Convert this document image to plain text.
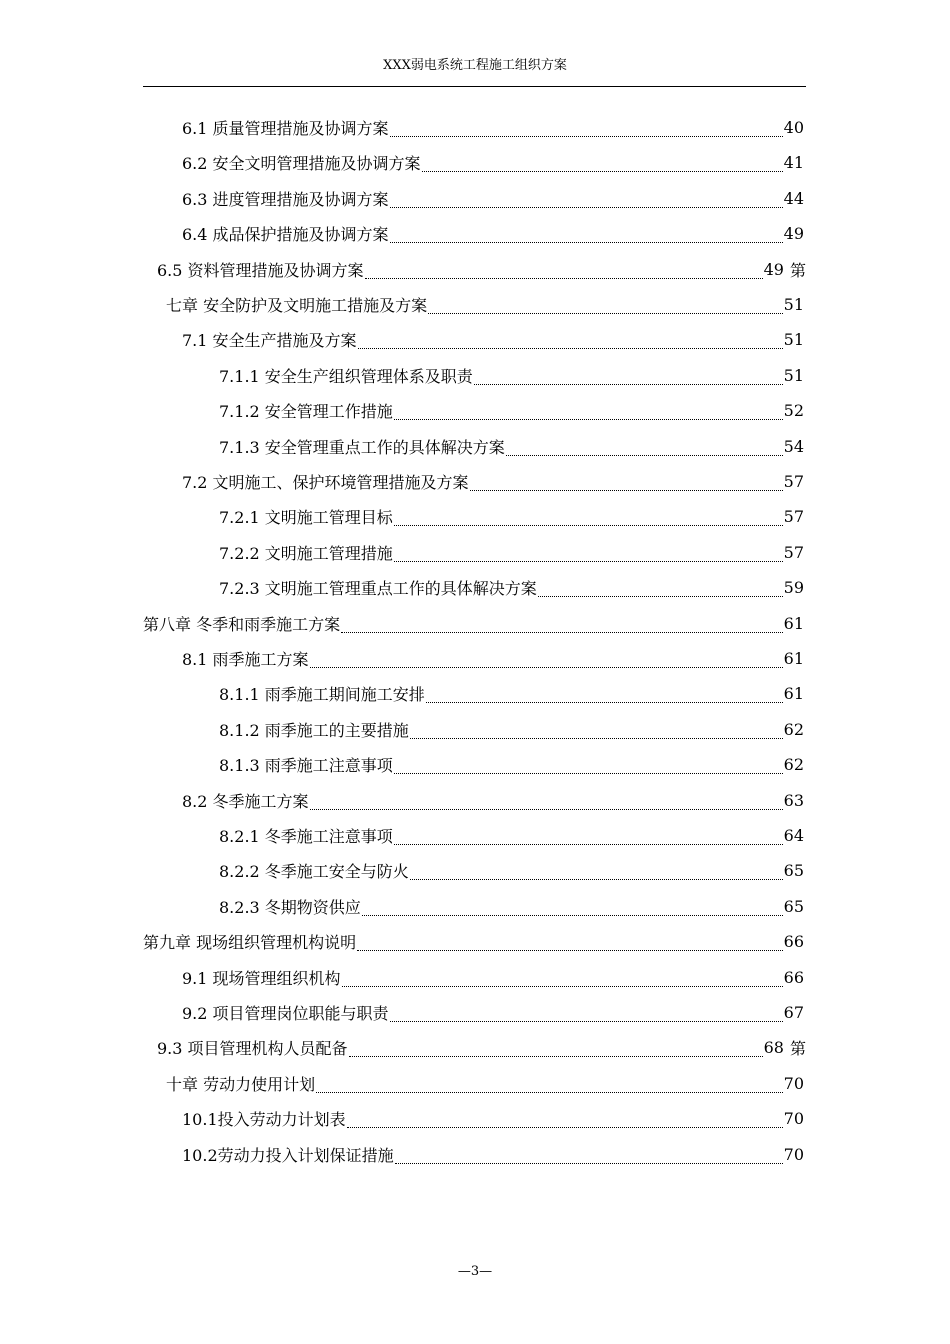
XXX弱电系统工程施工组织方案
6.1 质量管理措施及协调方案	40
6.2 安全文明管理措施及协调方案	41
6.3 进度管理措施及协调方案	44
6.4 成品保护措施及协调方案	49
6.5 资料管理措施及协调方案	49 第
七章 安全防护及文明施工措施及方案	51
7.1 安全生产措施及方案	51
7.1.1 安全生产组织管理体系及职责	51
7.1.2 安全管理工作措施	52
7.1.3 安全管理重点工作的具体解决方案	54
7.2 文明施工、保护环境管理措施及方案	57
7.2.1 文明施工管理目标	57
7.2.2 文明施工管理措施	57
7.2.3 文明施工管理重点工作的具体解决方案	59
第八章 冬季和雨季施工方案	61
8.1 雨季施工方案	61
8.1.1 雨季施工期间施工安排	61
8.1.2 雨季施工的主要措施	62
8.1.3 雨季施工注意事项	62
8.2 冬季施工方案	63
8.2.1 冬季施工注意事项	64
8.2.2 冬季施工安全与防火	65
8.2.3 冬期物资供应	65
第九章 现场组织管理机构说明	66
9.1 现场管理组织机构	66
9.2 项目管理岗位职能与职责	67
9.3 项目管理机构人员配备	68 第
十章 劳动力使用计划	70
10.1投入劳动力计划表	70
10.2劳动力投入计划保证措施	70
—3—
